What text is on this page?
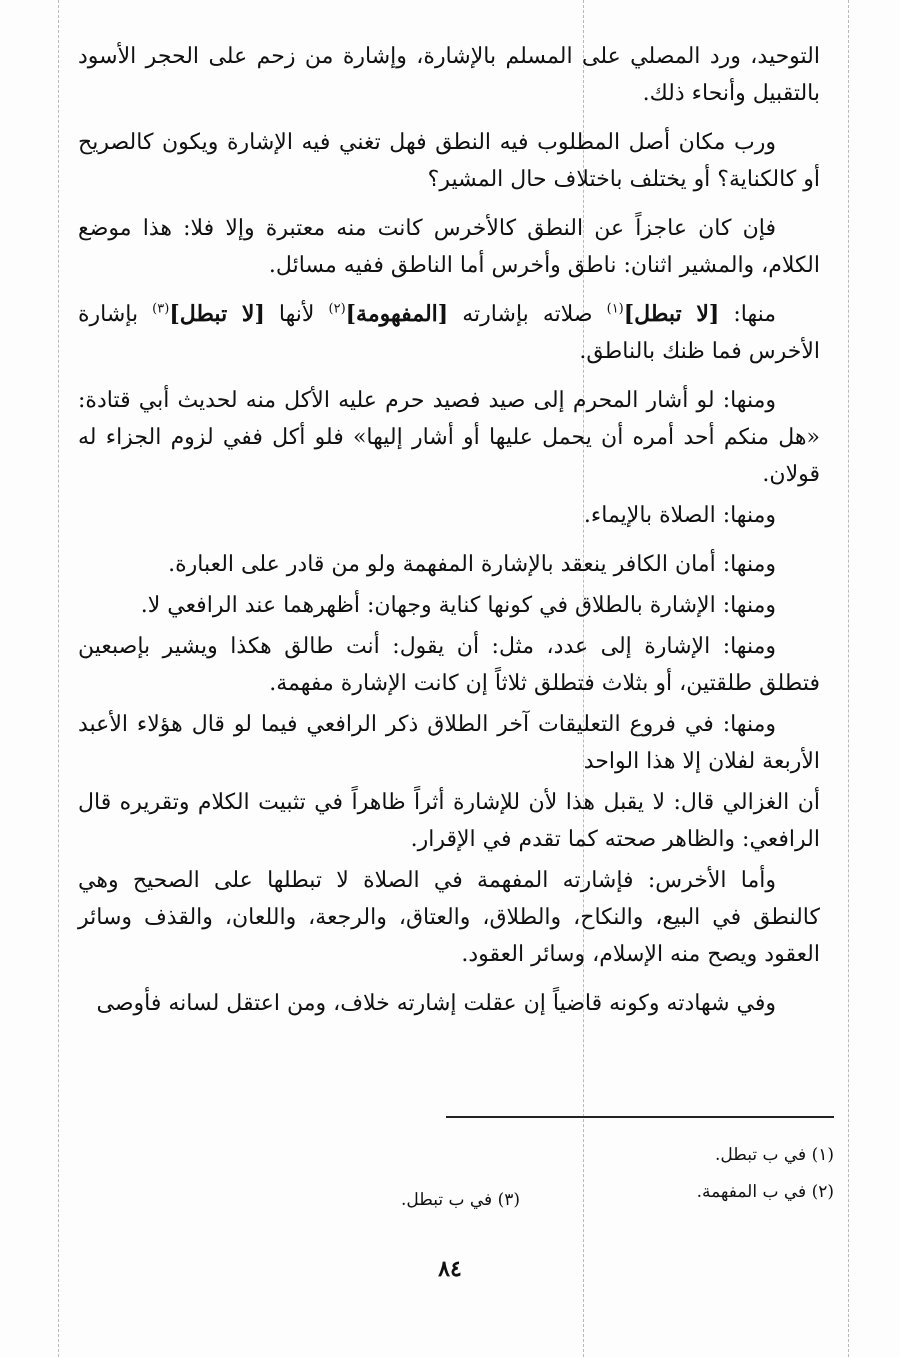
التوحيد، ورد المصلي على المسلم بالإشارة، وإشارة من زحم على الحجر الأسود بالتقبيل وأنحاء ذلك.

ورب مكان أصل المطلوب فيه النطق فهل تغني فيه الإشارة ويكون كالصريح أو كالكناية؟ أو يختلف باختلاف حال المشير؟

فإن كان عاجزاً عن النطق كالأخرس كانت منه معتبرة وإلا فلا: هذا موضع الكلام، والمشير اثنان: ناطق وأخرس أما الناطق ففيه مسائل.

منها: [لا تبطل]$^{(١)}$ صلاته بإشارته [المفهومة]$^{(٢)}$ لأنها [لا تبطل]$^{(٣)}$ بإشارة الأخرس فما ظنك بالناطق.

ومنها: لو أشار المحرم إلى صيد فصيد حرم عليه الأكل منه لحديث أبي قتادة: «هل منكم أحد أمره أن يحمل عليها أو أشار إليها» فلو أكل ففي لزوم الجزاء له قولان.

ومنها: الصلاة بالإيماء.

ومنها: أمان الكافر ينعقد بالإشارة المفهمة ولو من قادر على العبارة.

ومنها: الإشارة بالطلاق في كونها كناية وجهان: أظهرهما عند الرافعي لا.

ومنها: الإشارة إلى عدد، مثل: أن يقول: أنت طالق هكذا ويشير بإصبعين فتطلق طلقتين، أو بثلاث فتطلق ثلاثاً إن كانت الإشارة مفهمة.

ومنها: في فروع التعليقات آخر الطلاق ذكر الرافعي فيما لو قال هؤلاء الأعبد الأربعة لفلان إلا هذا الواحد

أن الغزالي قال: لا يقبل هذا لأن للإشارة أثراً ظاهراً في تثبيت الكلام وتقريره قال الرافعي: والظاهر صحته كما تقدم في الإقرار.

وأما الأخرس: فإشارته المفهمة في الصلاة لا تبطلها على الصحيح وهي كالنطق في البيع، والنكاح، والطلاق، والعتاق، والرجعة، واللعان، والقذف وسائر العقود ويصح منه الإسلام، وسائر العقود.

وفي شهادته وكونه قاضياً إن عقلت إشارته خلاف، ومن اعتقل لسانه فأوصى

(١) في ب تبطل.
(٢) في ب المفهمة.
(٣) في ب تبطل.
٨٤
